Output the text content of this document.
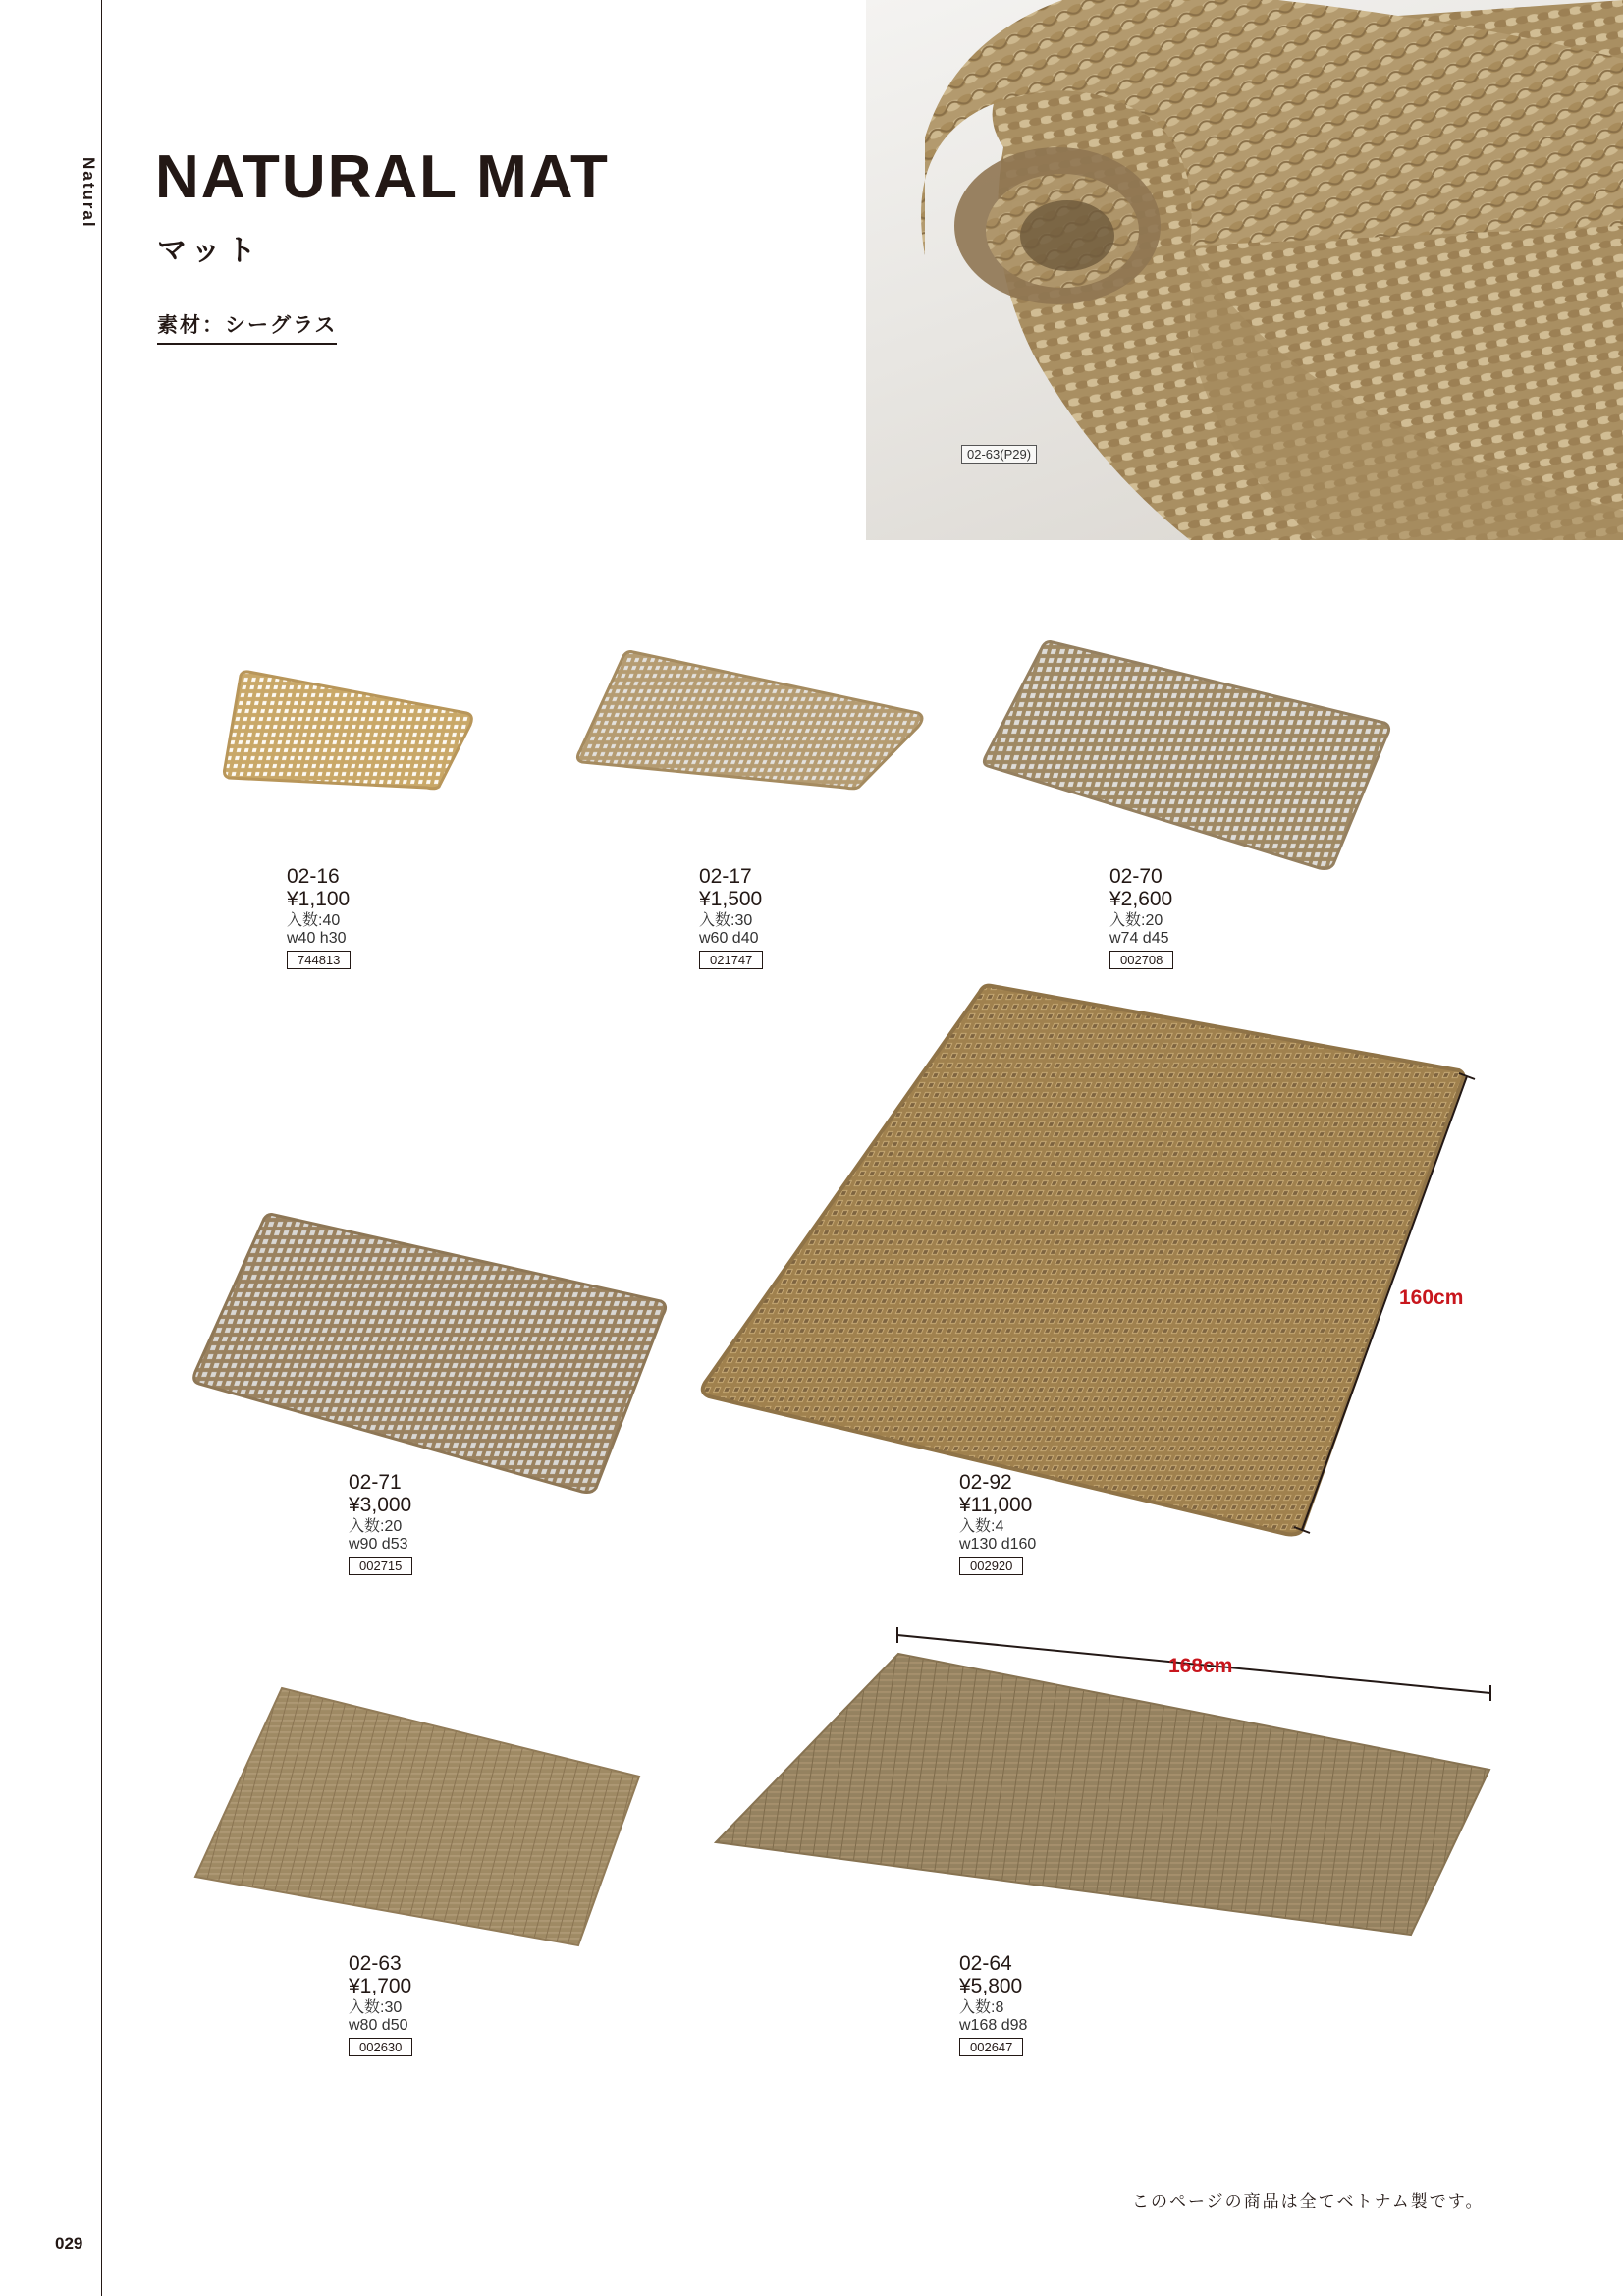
Natural
029
NATURAL MAT
マット
素材：シーグラス
02-63(P29)
160cm
168cm
02-16
¥1,100
入数:40
w40 h30
744813
02-17
¥1,500
入数:30
w60 d40
021747
02-70
¥2,600
入数:20
w74 d45
002708
02-71
¥3,000
入数:20
w90 d53
002715
02-92
¥11,000
入数:4
w130 d160
002920
02-63
¥1,700
入数:30
w80 d50
002630
02-64
¥5,800
入数:8
w168 d98
002647
このページの商品は全てベトナム製です。
